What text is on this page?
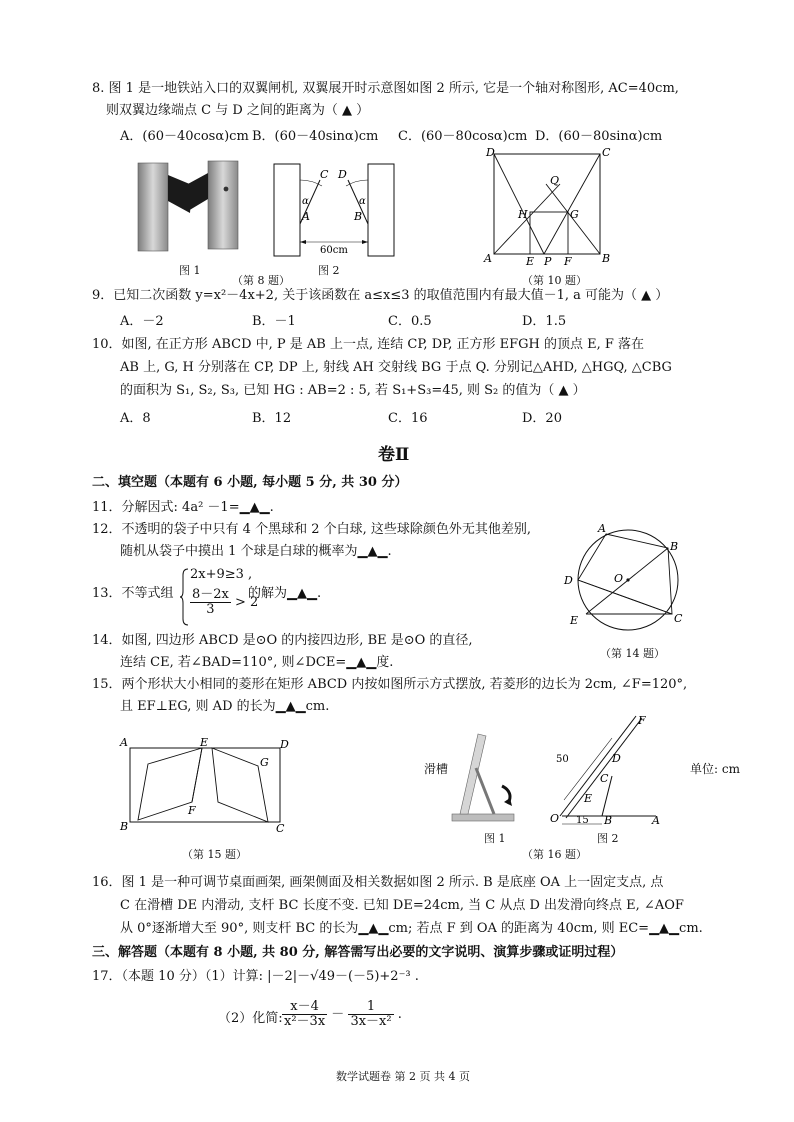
8. 图 1 是一地铁站入口的双翼闸机, 双翼展开时示意图如图 2 所示, 它是一个轴对称图形, AC=40cm,
则双翼边缘端点 C 与 D 之间的距离为（ ▲ ）
A．(60－40cosα)cm B．(60－40sinα)cm C．(60－80cosα)cm D．(60－80sinα)cm
图 1
C D
A	B
α	α
60cm
（第 8 题）
图 2
D	C
Q
H	G
A	E P F	B
（第 10 题）
9．已知二次函数 y=x²－4x+2, 关于该函数在 a≤x≤3 的取值范围内有最大值－1, a 可能为（ ▲ ）
A．－2	B．－1	C．0.5	D．1.5
10．如图, 在正方形 ABCD 中, P 是 AB 上一点, 连结 CP, DP, 正方形 EFGH 的顶点 E, F 落在
AB 上, G, H 分别落在 CP, DP 上, 射线 AH 交射线 BG 于点 Q. 分别记△AHD, △HGQ, △CBG
的面积为 S₁, S₂, S₃, 已知 HG : AB=2 : 5, 若 S₁+S₃=45, 则 S₂ 的值为（ ▲ ）
A．8	B．12	C．16	D．20
卷Ⅱ
二、填空题（本题有 6 小题, 每小题 5 分, 共 30 分）
11．分解因式: 4a² －1=▁▲▁.
12．不透明的袋子中只有 4 个黑球和 2 个白球, 这些球除颜色外无其他差别,
随机从袋子中摸出 1 个球是白球的概率为▁▲▁.
13．不等式组
2x+9≥3 ,
$\frac{8-2x}{3} > 2$
的解为▁▲▁.
A
B
C
D
E
O
（第 14 题）
14．如图, 四边形 ABCD 是⊙O 的内接四边形, BE 是⊙O 的直径,
连结 CE, 若∠BAD=110°, 则∠DCE=▁▲▁度.
15．两个形状大小相同的菱形在矩形 ABCD 内按如图所示方式摆放, 若菱形的边长为 2cm, ∠F=120°,
且 EF⊥EG, 则 AD 的长为▁▲▁cm.
A	E	D
G
F
B	C
（第 15 题）
滑槽
图 1
F
D
C
E
O	B	A
50
15
单位: cm
图 2
（第 16 题）
16．图 1 是一种可调节桌面画架, 画架侧面及相关数据如图 2 所示. B 是底座 OA 上一固定支点, 点
C 在滑槽 DE 内滑动, 支杆 BC 长度不变. 已知 DE=24cm, 当 C 从点 D 出发滑向终点 E, ∠AOF
从 0°逐渐增大至 90°, 则支杆 BC 的长为▁▲▁cm; 若点 F 到 OA 的距离为 40cm, 则 EC=▁▲▁cm.
三、解答题（本题有 8 小题, 共 80 分, 解答需写出必要的文字说明、演算步骤或证明过程）
17．（本题 10 分）（1）计算: |－2|－√49－(－5)+2⁻³ .
（2）化简: $\frac{x-4}{\text{x²－3x}} - \frac{1}{\text{3x－x²}}$ .
数学试题卷 第 2 页 共 4 页
